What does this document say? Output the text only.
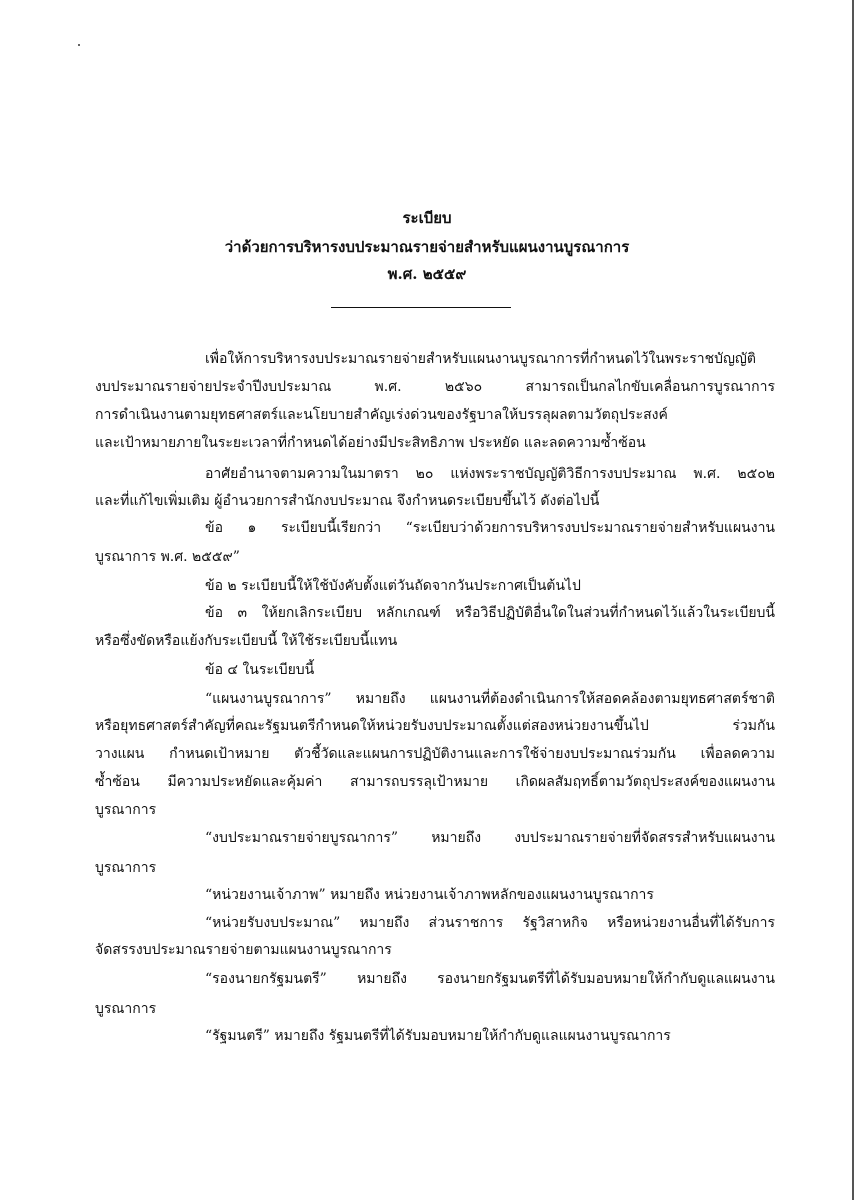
ระเบียบ

ว่าด้วยการบริหารงบประมาณรายจ่ายสำหรับแผนงานบูรณาการ

พ.ศ. ๒๕๕๙

เพื่อให้การบริหารงบประมาณรายจ่ายสำหรับแผนงานบูรณาการที่กำหนดไว้ในพระราชบัญญัติ

งบประมาณรายจ่ายประจำปีงบประมาณ พ.ศ. ๒๕๖๐ สามารถเป็นกลไกขับเคลื่อนการบูรณาการ

การดำเนินงานตามยุทธศาสตร์และนโยบายสำคัญเร่งด่วนของรัฐบาลให้บรรลุผลตามวัตถุประสงค์

และเป้าหมายภายในระยะเวลาที่กำหนดได้อย่างมีประสิทธิภาพ ประหยัด และลดความซ้ำซ้อน

อาศัยอำนาจตามความในมาตรา ๒๐ แห่งพระราชบัญญัติวิธีการงบประมาณ พ.ศ. ๒๕๐๒

และที่แก้ไขเพิ่มเติม ผู้อำนวยการสำนักงบประมาณ จึงกำหนดระเบียบขึ้นไว้ ดังต่อไปนี้

ข้อ ๑ ระเบียบนี้เรียกว่า “ระเบียบว่าด้วยการบริหารงบประมาณรายจ่ายสำหรับแผนงาน

บูรณาการ พ.ศ. ๒๕๕๙”

ข้อ ๒ ระเบียบนี้ให้ใช้บังคับตั้งแต่วันถัดจากวันประกาศเป็นต้นไป

ข้อ ๓ ให้ยกเลิกระเบียบ หลักเกณฑ์ หรือวิธีปฏิบัติอื่นใดในส่วนที่กำหนดไว้แล้วในระเบียบนี้

หรือซึ่งขัดหรือแย้งกับระเบียบนี้ ให้ใช้ระเบียบนี้แทน

ข้อ ๔ ในระเบียบนี้

“แผนงานบูรณาการ” หมายถึง แผนงานที่ต้องดำเนินการให้สอดคล้องตามยุทธศาสตร์ชาติ

หรือยุทธศาสตร์สำคัญที่คณะรัฐมนตรีกำหนดให้หน่วยรับงบประมาณตั้งแต่สองหน่วยงานขึ้นไป ร่วมกัน

วางแผน กำหนดเป้าหมาย ตัวชี้วัดและแผนการปฏิบัติงานและการใช้จ่ายงบประมาณร่วมกัน เพื่อลดความ

ซ้ำซ้อน มีความประหยัดและคุ้มค่า สามารถบรรลุเป้าหมาย เกิดผลสัมฤทธิ์ตามวัตถุประสงค์ของแผนงาน

บูรณาการ

“งบประมาณรายจ่ายบูรณาการ” หมายถึง งบประมาณรายจ่ายที่จัดสรรสำหรับแผนงาน

บูรณาการ

“หน่วยงานเจ้าภาพ” หมายถึง หน่วยงานเจ้าภาพหลักของแผนงานบูรณาการ

“หน่วยรับงบประมาณ” หมายถึง ส่วนราชการ รัฐวิสาหกิจ หรือหน่วยงานอื่นที่ได้รับการ

จัดสรรงบประมาณรายจ่ายตามแผนงานบูรณาการ

“รองนายกรัฐมนตรี” หมายถึง รองนายกรัฐมนตรีที่ได้รับมอบหมายให้กำกับดูแลแผนงาน

บูรณาการ

“รัฐมนตรี” หมายถึง รัฐมนตรีที่ได้รับมอบหมายให้กำกับดูแลแผนงานบูรณาการ
